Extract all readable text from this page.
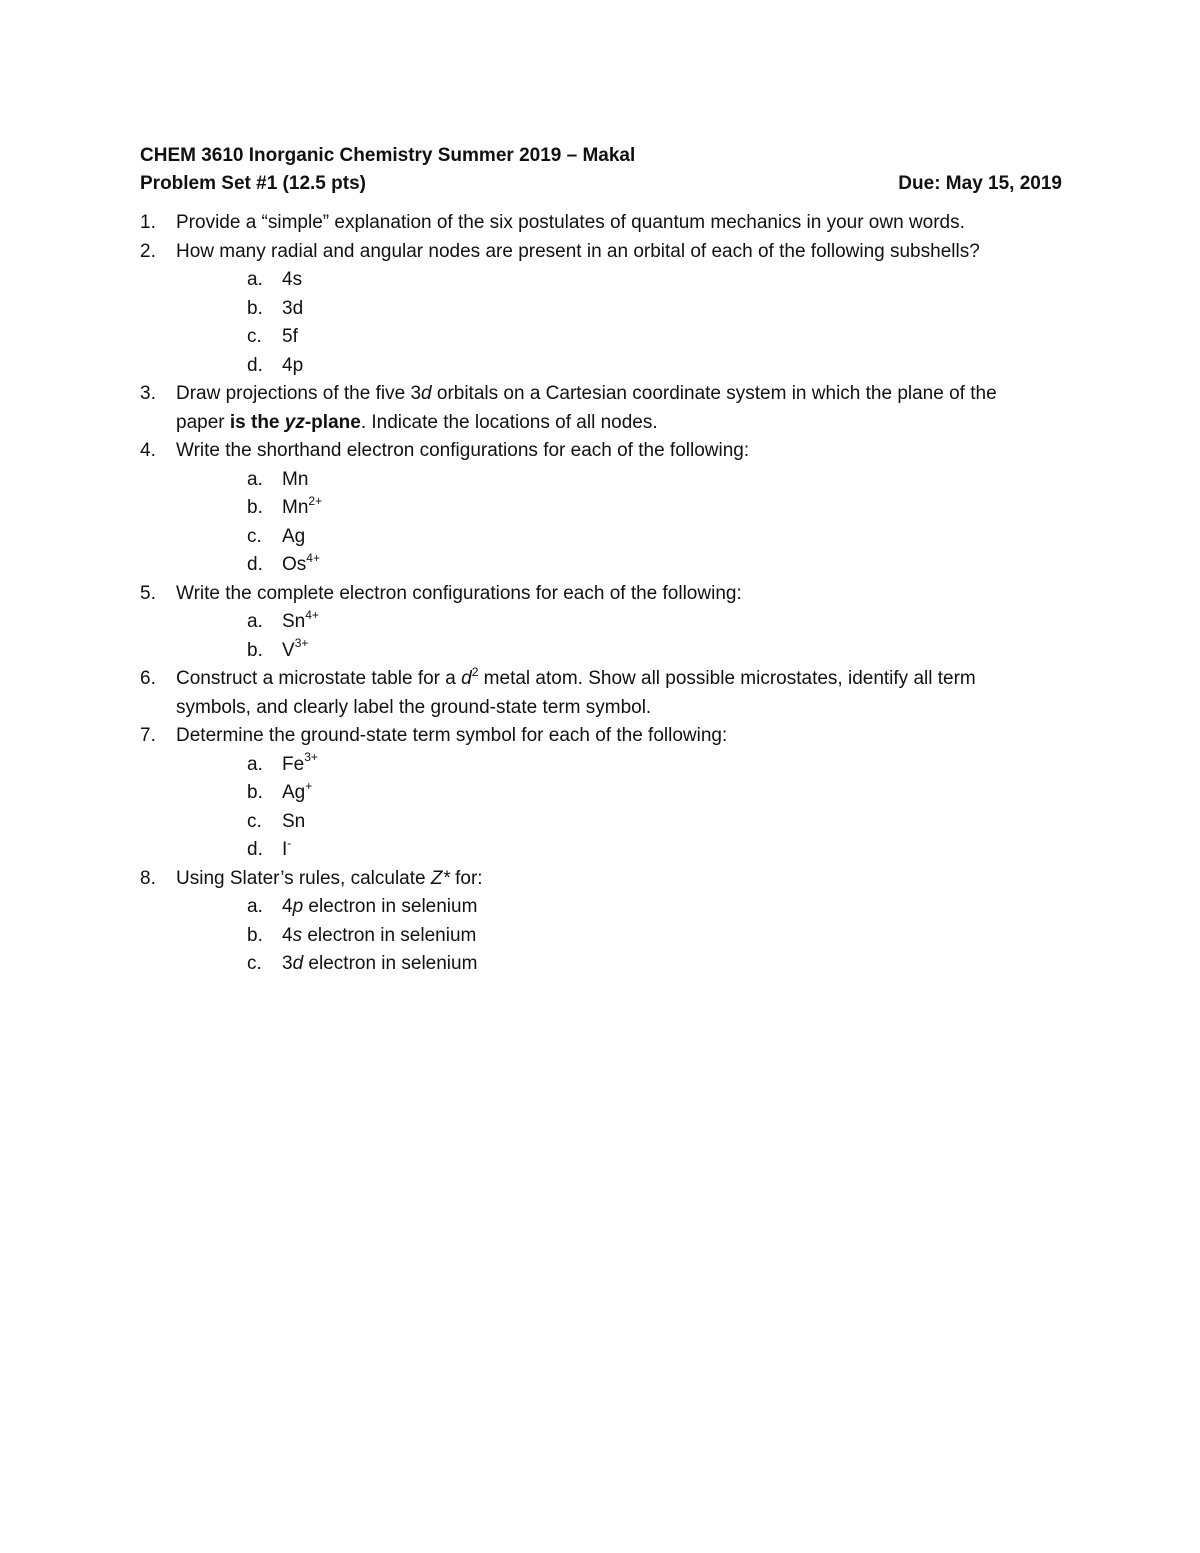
CHEM 3610 Inorganic Chemistry Summer 2019 – Makal
Problem Set #1 (12.5 pts)	Due: May 15, 2019
1.	Provide a “simple” explanation of the six postulates of quantum mechanics in your own words.
2.	How many radial and angular nodes are present in an orbital of each of the following subshells?
a. 4s
b. 3d
c. 5f
d. 4p
3.	Draw projections of the five 3d orbitals on a Cartesian coordinate system in which the plane of the
paper is the yz-plane. Indicate the locations of all nodes.
4.	Write the shorthand electron configurations for each of the following:
a. Mn
b. $Mn^{2+}$
c. Ag
d. $Os^{4+}$
5.	Write the complete electron configurations for each of the following:
a. $Sn^{4+}$
b. $V^{3+}$
6.	Construct a microstate table for a $d^2$ metal atom. Show all possible microstates, identify all term
symbols, and clearly label the ground-state term symbol.
7.	Determine the ground-state term symbol for each of the following:
a. $Fe^{3+}$
b. Ag+
c. Sn
d. I-
8.	Using Slater’s rules, calculate Z* for:
a. 4p electron in selenium
b. 4s electron in selenium
c. 3d electron in selenium
